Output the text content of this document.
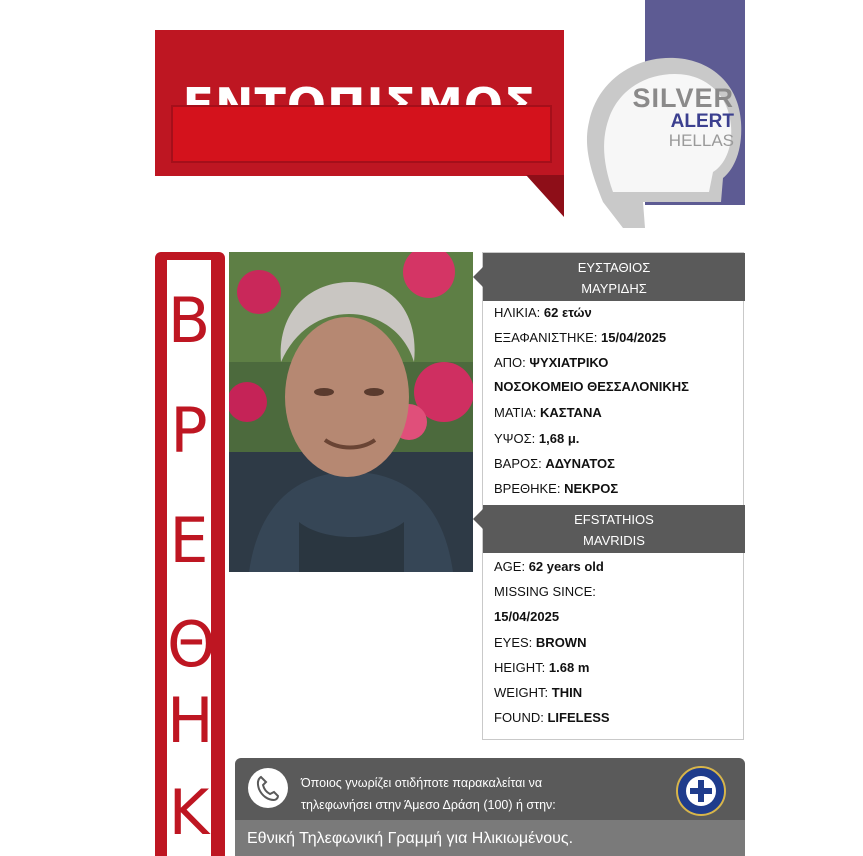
SILVER
ALERT
HELLAS
Β
Ρ
Ε
Θ
Η
Κ
ΕΥΣΤΑΘΙΟΣ
ΜΑΥΡΙΔΗΣ
ΗΛΙΚΙΑ: 62 ετών
ΕΞΑΦΑΝΙΣΤΗΚΕ: 15/04/2025
ΑΠΟ: ΨΥΧΙΑΤΡΙΚΟ
ΝΟΣΟΚΟΜΕΙΟ ΘΕΣΣΑΛΟΝΙΚΗΣ
ΜΑΤΙΑ: ΚΑΣΤΑΝΑ
ΥΨΟΣ: 1,68 μ.
ΒΑΡΟΣ: ΑΔΥΝΑΤΟΣ
ΒΡΕΘΗΚΕ: ΝΕΚΡΟΣ
EFSTATHIOS
MAVRIDIS
AGE: 62 years old
MISSING SINCE:
15/04/2025
EYES: BROWN
HEIGHT: 1.68 m
WEIGHT: THIN
FOUND: LIFELESS
Όποιος γνωρίζει οτιδήποτε παρακαλείται να
τηλεφωνήσει στην Άμεσο Δράση (100) ή στην:
Εθνική Τηλεφωνική Γραμμή για Ηλικιωμένους.
